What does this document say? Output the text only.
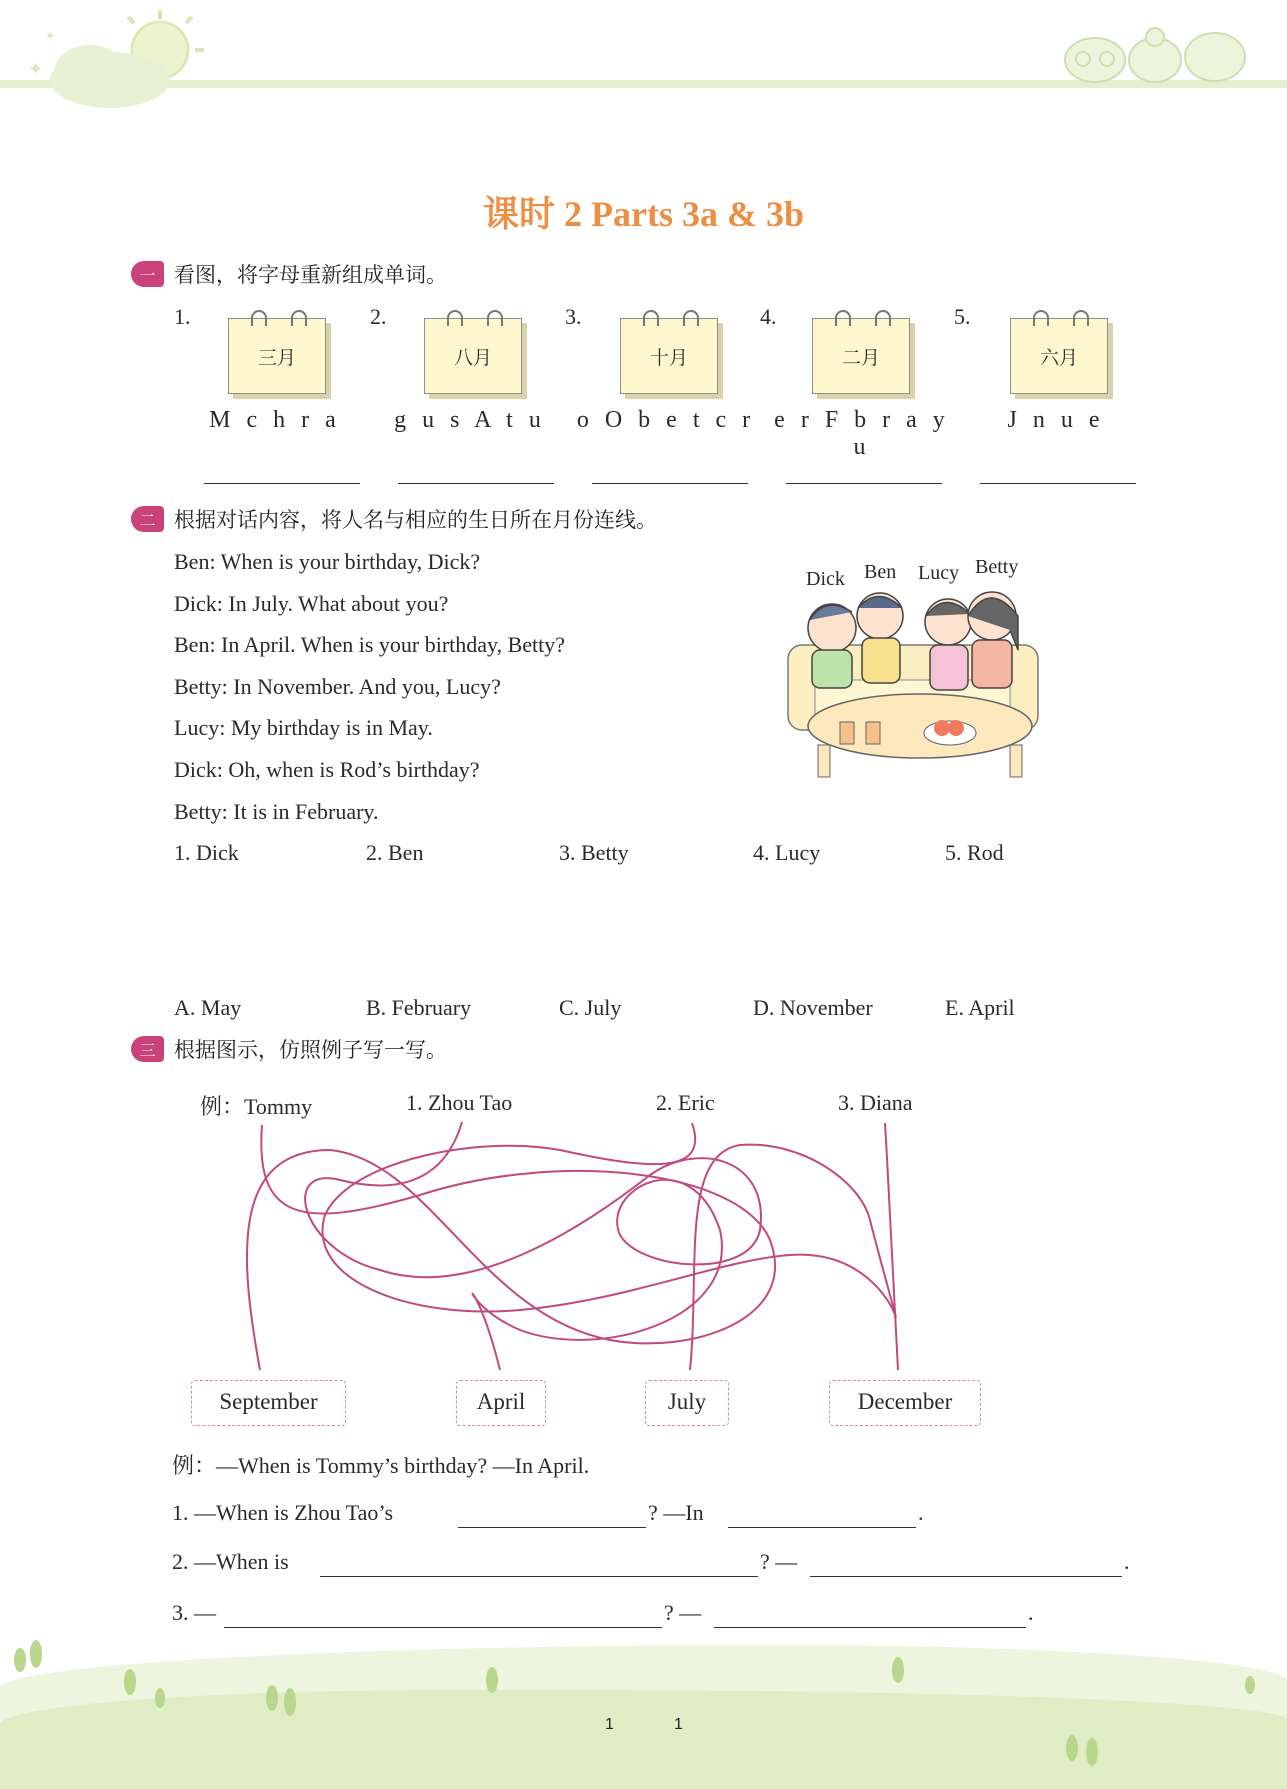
✦
✦
课时 2 Parts 3a & 3b
一 看图，将字母重新组成单词。
二 根据对话内容，将人名与相应的生日所在月份连线。
Dick Ben Lucy Betty
三 根据图示，仿照例子写一写。
例：—When is Tommy’s birthday? —In April.
1. —When is Zhou Tao’s	? —In	.
2. —When is	? —	.
3. —	? —	.
1	1
1.
三月
M c h r a
2.
八月
g u s A t u
3.
十月
o O b e t c r
4.
二月
e r F b r a y u
5.
六月
J n u e
Ben: When is your birthday, Dick?
Dick: In July. What about you?
Ben: In April. When is your birthday, Betty?
Betty: In November. And you, Lucy?
Lucy: My birthday is in May.
Dick: Oh, when is Rod’s birthday?
Betty: It is in February.
1. Dick	2. Ben	3. Betty	4. Lucy	5. Rod
A. May	B. February	C. July	D. November	E. April
例：Tommy	1. Zhou Tao	2. Eric	3. Diana
September	April	July	December
